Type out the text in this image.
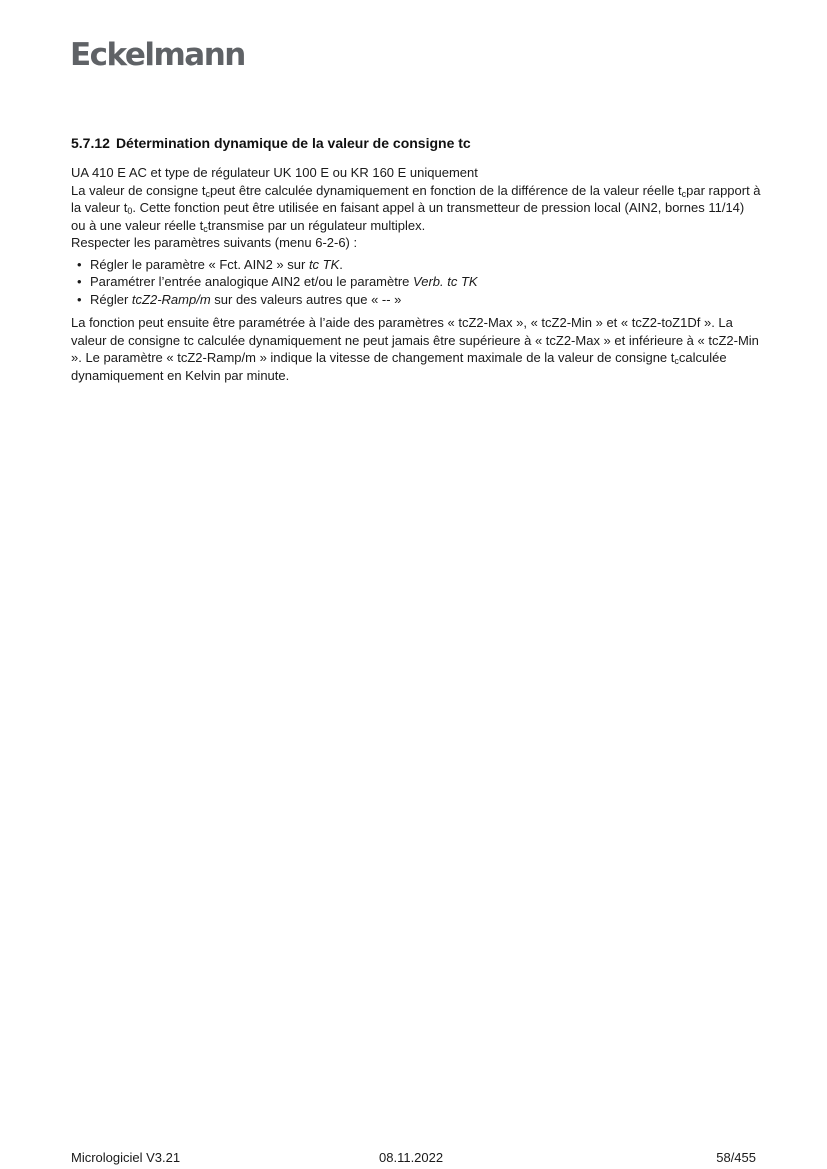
Eckelmann
5.7.12 Détermination dynamique de la valeur de consigne tc

UA 410 E AC et type de régulateur UK 100 E ou KR 160 E uniquement

La valeur de consigne $t_cpeut$ être calculée dynamiquement en fonction de la différence de la valeur réelle $t_cpar$ rapport à la valeur $t_0$. Cette fonction peut être utilisée en faisant appel à un transmetteur de pression local (AIN2, bornes 11/14) ou à une valeur réelle $t_ctransmise$ par un régulateur multiplex.

Respecter les paramètres suivants (menu 6-2-6) :

• Régler le paramètre « Fct. AIN2 » sur tc TK.
• Paramétrer l’entrée analogique AIN2 et/ou le paramètre Verb. tc TK
• Régler tcZ2-Ramp/m sur des valeurs autres que « -- »

La fonction peut ensuite être paramétrée à l’aide des paramètres « tcZ2-Max », « tcZ2-Min » et « tcZ2-toZ1Df ». La valeur de consigne tc calculée dynamiquement ne peut jamais être supérieure à « tcZ2-Max » et inférieure à « tcZ2-Min ». Le paramètre « tcZ2-Ramp/m » indique la vitesse de changement maximale de la valeur de consigne $t_ccalculée$ dynamiquement en Kelvin par minute.

Micrologiciel V3.21	08.11.2022	58/455
